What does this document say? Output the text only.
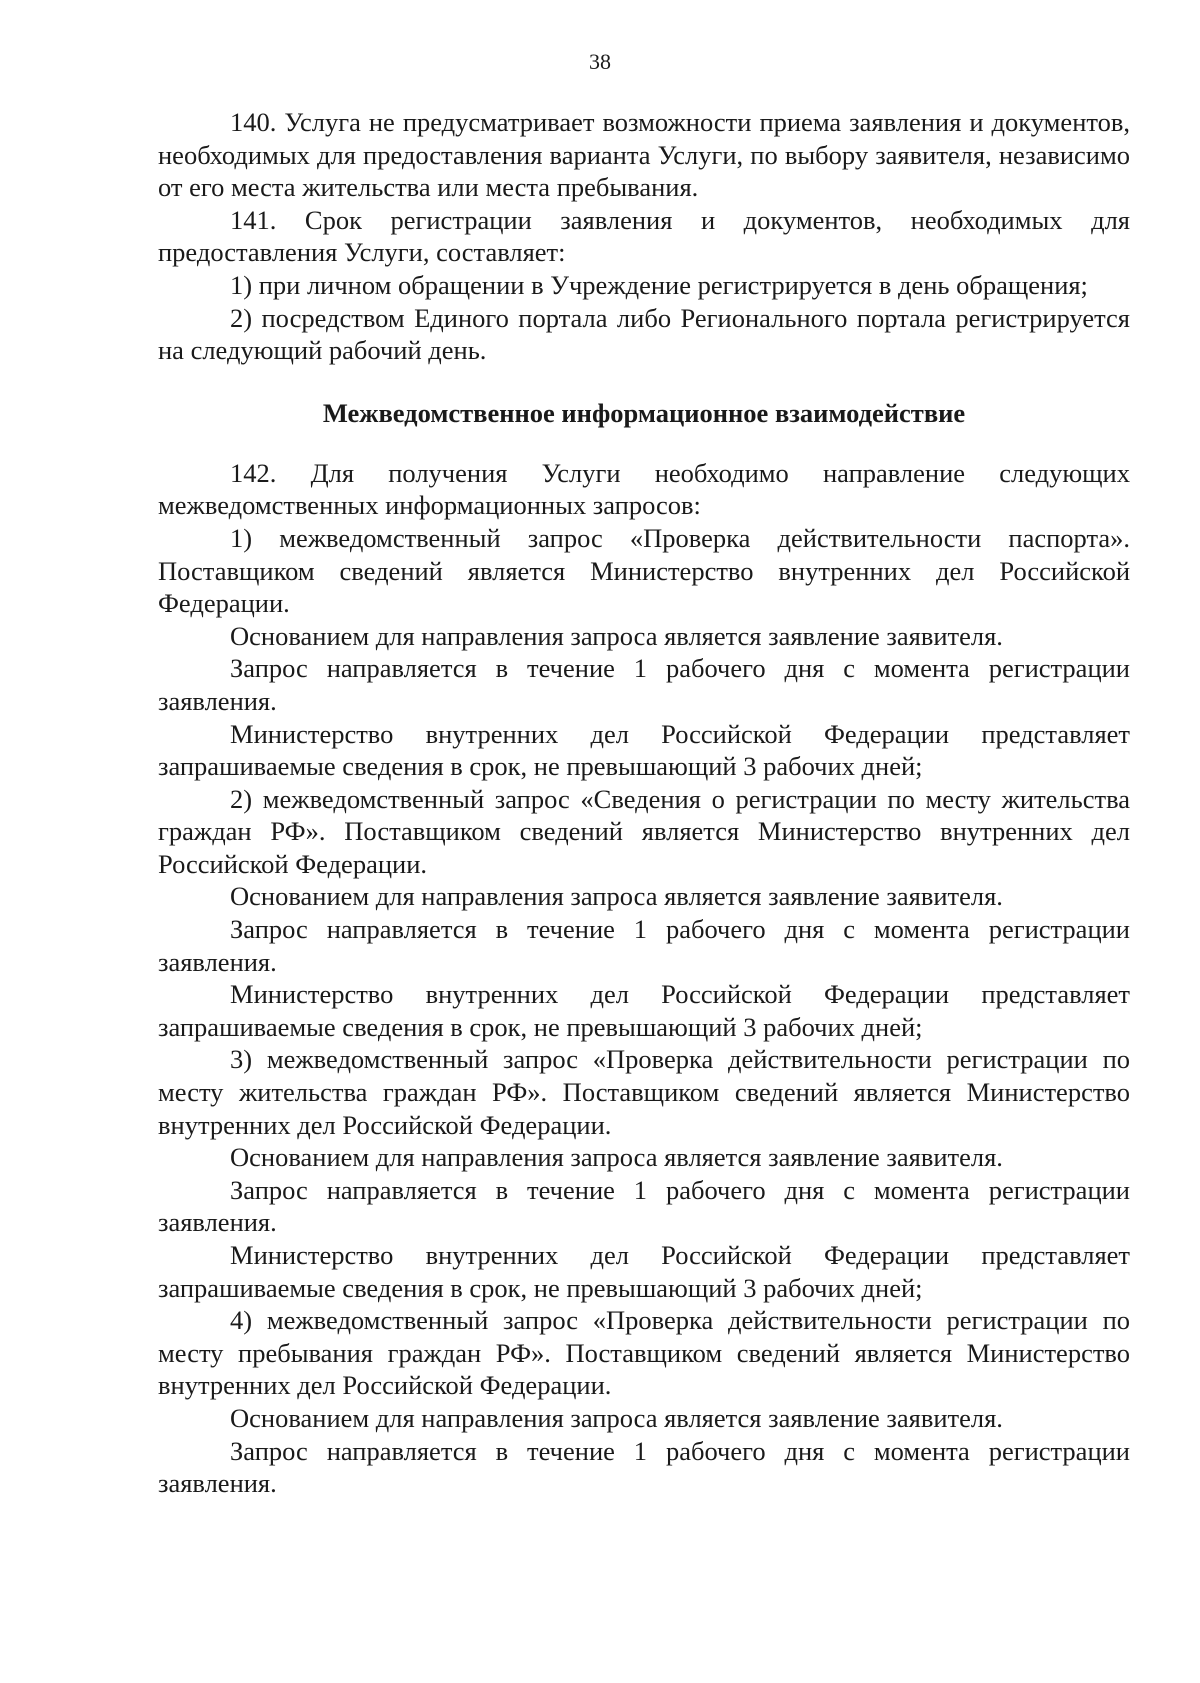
38

140. Услуга не предусматривает возможности приема заявления и документов, необходимых для предоставления варианта Услуги, по выбору заявителя, независимо от его места жительства или места пребывания.

141. Срок регистрации заявления и документов, необходимых для предоставления Услуги, составляет:

1) при личном обращении в Учреждение регистрируется в день обращения;

2) посредством Единого портала либо Регионального портала регистрируется на следующий рабочий день.

Межведомственное информационное взаимодействие

142. Для получения Услуги необходимо направление следующих межведомственных информационных запросов:

1) межведомственный запрос «Проверка действительности паспорта». Поставщиком сведений является Министерство внутренних дел Российской Федерации.

Основанием для направления запроса является заявление заявителя.

Запрос направляется в течение 1 рабочего дня с момента регистрации заявления.

Министерство внутренних дел Российской Федерации представляет запрашиваемые сведения в срок, не превышающий 3 рабочих дней;

2) межведомственный запрос «Сведения о регистрации по месту жительства граждан РФ». Поставщиком сведений является Министерство внутренних дел Российской Федерации.

Основанием для направления запроса является заявление заявителя.

Запрос направляется в течение 1 рабочего дня с момента регистрации заявления.

Министерство внутренних дел Российской Федерации представляет запрашиваемые сведения в срок, не превышающий 3 рабочих дней;

3) межведомственный запрос «Проверка действительности регистрации по месту жительства граждан РФ». Поставщиком сведений является Министерство внутренних дел Российской Федерации.

Основанием для направления запроса является заявление заявителя.

Запрос направляется в течение 1 рабочего дня с момента регистрации заявления.

Министерство внутренних дел Российской Федерации представляет запрашиваемые сведения в срок, не превышающий 3 рабочих дней;

4) межведомственный запрос «Проверка действительности регистрации по месту пребывания граждан РФ». Поставщиком сведений является Министерство внутренних дел Российской Федерации.

Основанием для направления запроса является заявление заявителя.

Запрос направляется в течение 1 рабочего дня с момента регистрации заявления.
